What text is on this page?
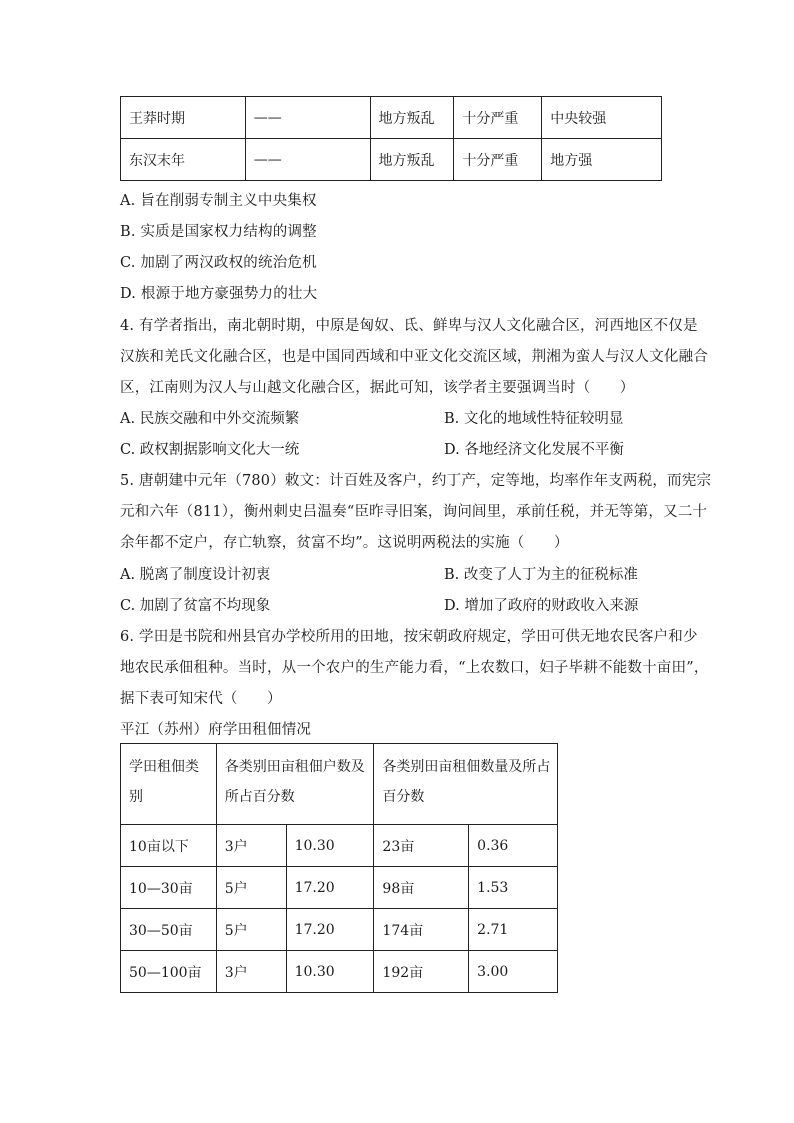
王莽时期	——	地方叛乱	十分严重	中央较强
东汉末年	——	地方叛乱	十分严重	地方强
A. 旨在削弱专制主义中央集权
B. 实质是国家权力结构的调整
C. 加剧了两汉政权的统治危机
D. 根源于地方豪强势力的壮大
4. 有学者指出，南北朝时期，中原是匈奴、氐、鲜卑与汉人文化融合区，河西地区不仅是
汉族和羌氏文化融合区，也是中国同西域和中亚文化交流区域，荆湘为蛮人与汉人文化融合
区，江南则为汉人与山越文化融合区，据此可知，该学者主要强调当时（　　）
A. 民族交融和中外交流频繁	B. 文化的地域性特征较明显
C. 政权割据影响文化大一统	D. 各地经济文化发展不平衡
5. 唐朝建中元年（780）敕文：计百姓及客户，约丁产，定等地，均率作年支两税，而宪宗
元和六年（811），衡州刺史吕温奏“臣昨寻旧案，询问闾里，承前任税，并无等第，又二十
余年都不定户，存亡轨察，贫富不均”。这说明两税法的实施（　　）
A. 脱离了制度设计初衷	B. 改变了人丁为主的征税标准
C. 加剧了贫富不均现象	D. 增加了政府的财政收入来源
6. 学田是书院和州县官办学校所用的田地，按宋朝政府规定，学田可供无地农民客户和少
地农民承佃租种。当时，从一个农户的生产能力看，“上农数口，妇子毕耕不能数十亩田”，
据下表可知宋代（　　）
平江（苏州）府学田租佃情况
学田租佃类别	各类别田亩租佃户数及所占百分数		各类别田亩租佃数量及所占百分数	
10亩以下	3户	10.30	23亩	0.36
10—30亩	5户	17.20	98亩	1.53
30—50亩	5户	17.20	174亩	2.71
50—100亩	3户	10.30	192亩	3.00
